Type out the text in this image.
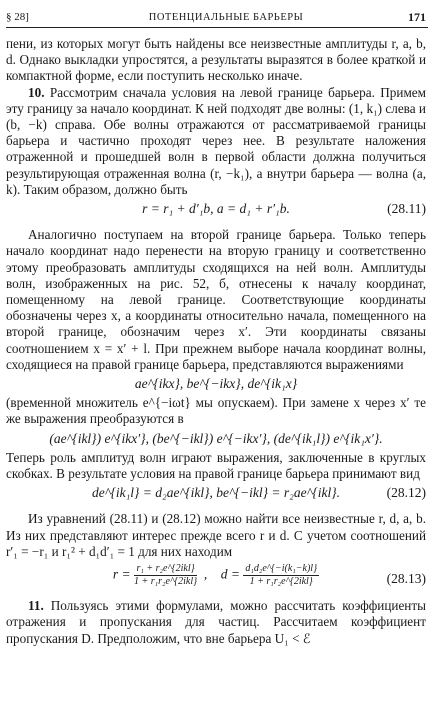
§ 28]	ПОТЕНЦИАЛЬНЫЕ БАРЬЕРЫ	171

пени, из которых могут быть найдены все неизвестные амплитуды r, a, b, d. Однако выкладки упростятся, а результаты выразятся в более краткой и компактной форме, если поступить несколько иначе.

10. Рассмотрим сначала условия на левой границе барьера. Примем эту границу за начало координат. К ней подходят две волны: (1, k₁) слева и (b, −k) справа. Обе волны отражаются от рассматриваемой границы барьера и частично проходят через нее. В результате наложения отраженной и прошедшей волн в первой области должна получиться результирующая отраженная волна (r, −k₁), а внутри барьера — волна (a, k). Таким образом, должно быть

r = r₁ + d′₁b, a = d₁ + r′₁b.	(28.11)

Аналогично поступаем на второй границе барьера. Только теперь начало координат надо перенести на вторую границу и соответственно этому преобразовать амплитуды сходящихся на ней волн. Амплитуды волн, изображенных на рис. 52, б, отнесены к началу координат, помещенному на левой границе. Соответствующие координаты обозначены через x, а координаты относительно начала, помещенного на второй границе, обозначим через x′. Эти координаты связаны соотношением x = x′ + l. При прежнем выборе начала координат волны, сходящиеся на правой границе барьера, представляются выражениями

ae^{ikx}, be^{−ikx}, de^{ik₁x}

(временной множитель e^{−iωt} мы опускаем). При замене x через x′ те же выражения преобразуются в

(ae^{ikl}) e^{ikx′}, (be^{−ikl}) e^{−ikx′}, (de^{ik₁l}) e^{ik₁x′}.

Теперь роль амплитуд волн играют выражения, заключенные в круглых скобках. В результате условия на правой границе барьера принимают вид

de^{ik₁l} = d₂ae^{ikl}, be^{−ikl} = r₂ae^{ikl}.	(28.12)

Из уравнений (28.11) и (28.12) можно найти все неизвестные r, d, a, b. Из них представляют интерес прежде всего r и d. С учетом соотношений r′₁ = −r₁ и r₁² + d₁d′₁ = 1 для них находим

$r = \frac{\text{r₁ + r₂e\textasciicircum{}\{2ikl\}}}{\text{1 + r₁r₂e\textasciicircum{}\{2ikl\}}}$ ,    $d = \frac{\text{d₁d₂e\textasciicircum{}\{−i(k₁−k)l\}}}{\text{1 + r₁r₂e\textasciicircum{}\{2ikl\}}}$	(28.13)

11. Пользуясь этими формулами, можно рассчитать коэффициенты отражения и пропускания для частиц. Рассчитаем коэффициент пропускания D. Предположим, что вне барьера U₁ < ℰ
